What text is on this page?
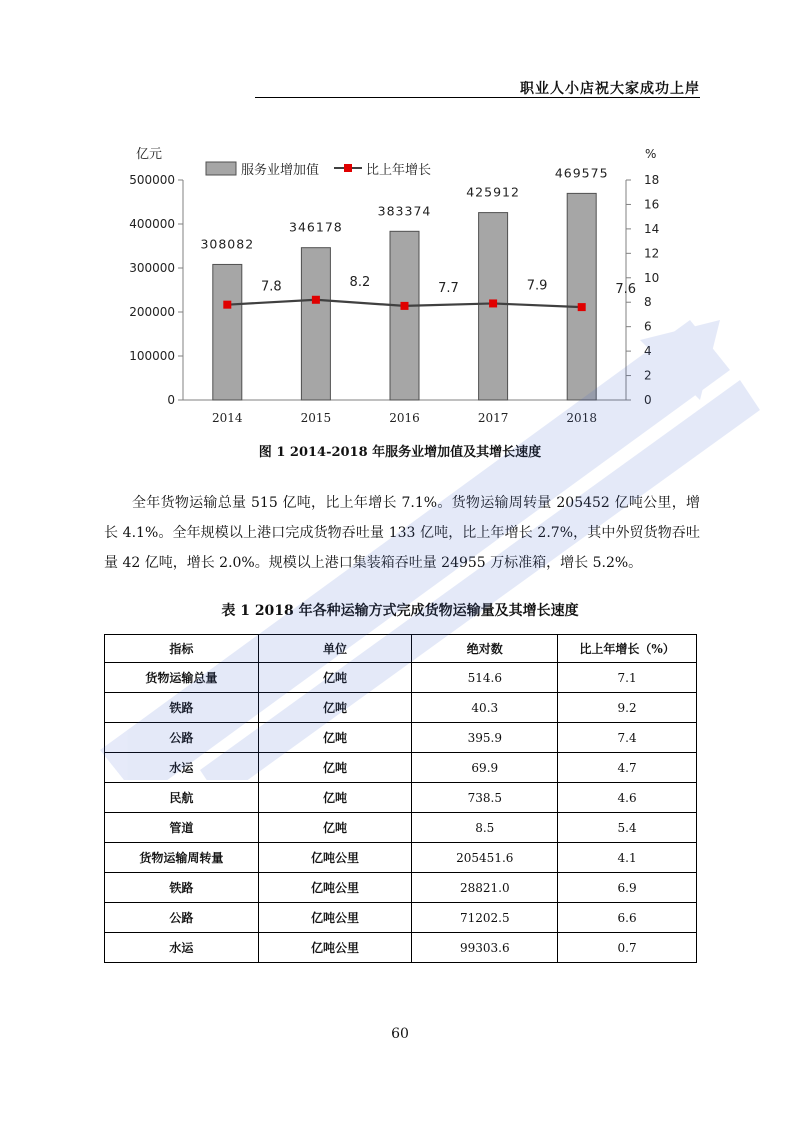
职业人小店祝大家成功上岸
0
100000
200000
300000
400000
500000
0
2
4
6
8
10
12
14
16
18
亿元	%
308082
346178
383374
425912
469575
2014	2015	2016	2017	2018
7.8	8.2	7.7	7.9	7.6
服务业增加值	比上年增长
图 1 2014-2018 年服务业增加值及其增长速度
全年货物运输总量 515 亿吨，比上年增长 7.1%。货物运输周转量 205452 亿吨公里，增长 4.1%。全年规模以上港口完成货物吞吐量 133 亿吨，比上年增长 2.7%，其中外贸货物吞吐量 42 亿吨，增长 2.0%。规模以上港口集装箱吞吐量 24955 万标准箱，增长 5.2%。
表 1 2018 年各种运输方式完成货物运输量及其增长速度
指标	单位	绝对数	比上年增长（%）
货物运输总量	亿吨	514.6	7.1
铁路	亿吨	40.3	9.2
公路	亿吨	395.9	7.4
水运	亿吨	69.9	4.7
民航	亿吨	738.5	4.6
管道	亿吨	8.5	5.4
货物运输周转量	亿吨公里	205451.6	4.1
铁路	亿吨公里	28821.0	6.9
公路	亿吨公里	71202.5	6.6
水运	亿吨公里	99303.6	0.7
60
